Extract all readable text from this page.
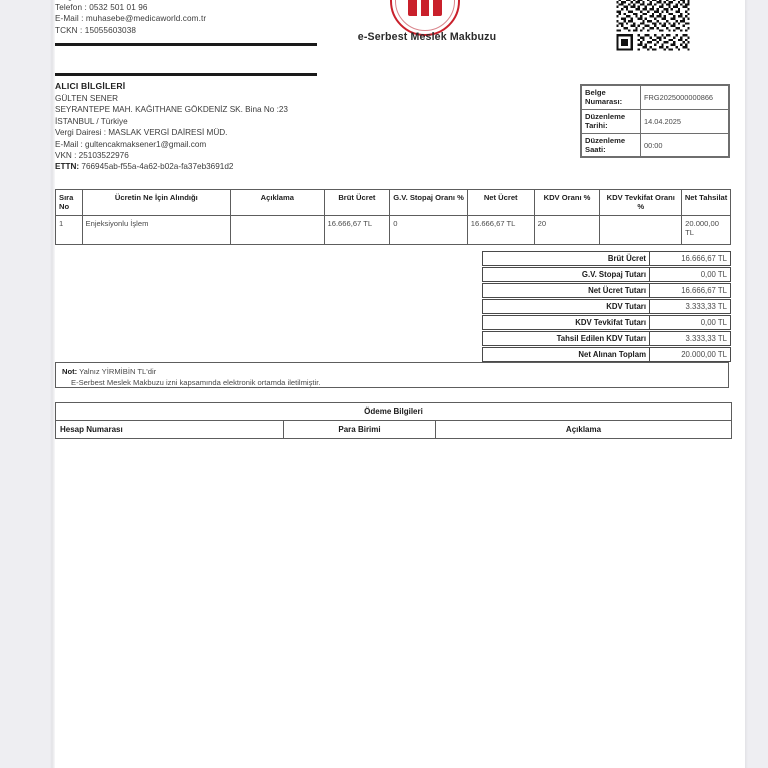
Telefon : 0532 501 01 96
E-Mail : muhasebe@medicaworld.com.tr
TCKN : 15055603038
e-Serbest Meslek Makbuzu
ALICI BİLGİLERİ
GÜLTEN SENER
SEYRANTEPE MAH. KAĞITHANE GÖKDENİZ SK. Bina No :23
İSTANBUL / Türkiye
Vergi Dairesi : MASLAK VERGİ DAİRESİ MÜD.
E-Mail : gultencakmaksener1@gmail.com
VKN : 25103522976
ETTN: 766945ab-f55a-4a62-b02a-fa37eb3691d2
Belge Numarası:	FRG2025000000866
Düzenleme Tarihi:	14.04.2025
Düzenleme Saati:	00:00
Sıra No	Ücretin Ne İçin Alındığı	Açıklama	Brüt Ücret	G.V. Stopaj Oranı %	Net Ücret	KDV Oranı %	KDV Tevkifat Oranı %	Net Tahsilat
1	Enjeksiyonlu İşlem		16.666,67 TL	0	16.666,67 TL	20		20.000,00 TL
Brüt Ücret	16.666,67 TL
G.V. Stopaj Tutarı	0,00 TL
Net Ücret Tutarı	16.666,67 TL
KDV Tutarı	3.333,33 TL
KDV Tevkifat Tutarı	0,00 TL
Tahsil Edilen KDV Tutarı	3.333,33 TL
Net Alınan Toplam	20.000,00 TL
Not: Yalnız YİRMİBİN TL'dir
E-Serbest Meslek Makbuzu izni kapsamında elektronik ortamda iletilmiştir.
Ödeme Bilgileri
Hesap Numarası	Para Birimi	Açıklama
